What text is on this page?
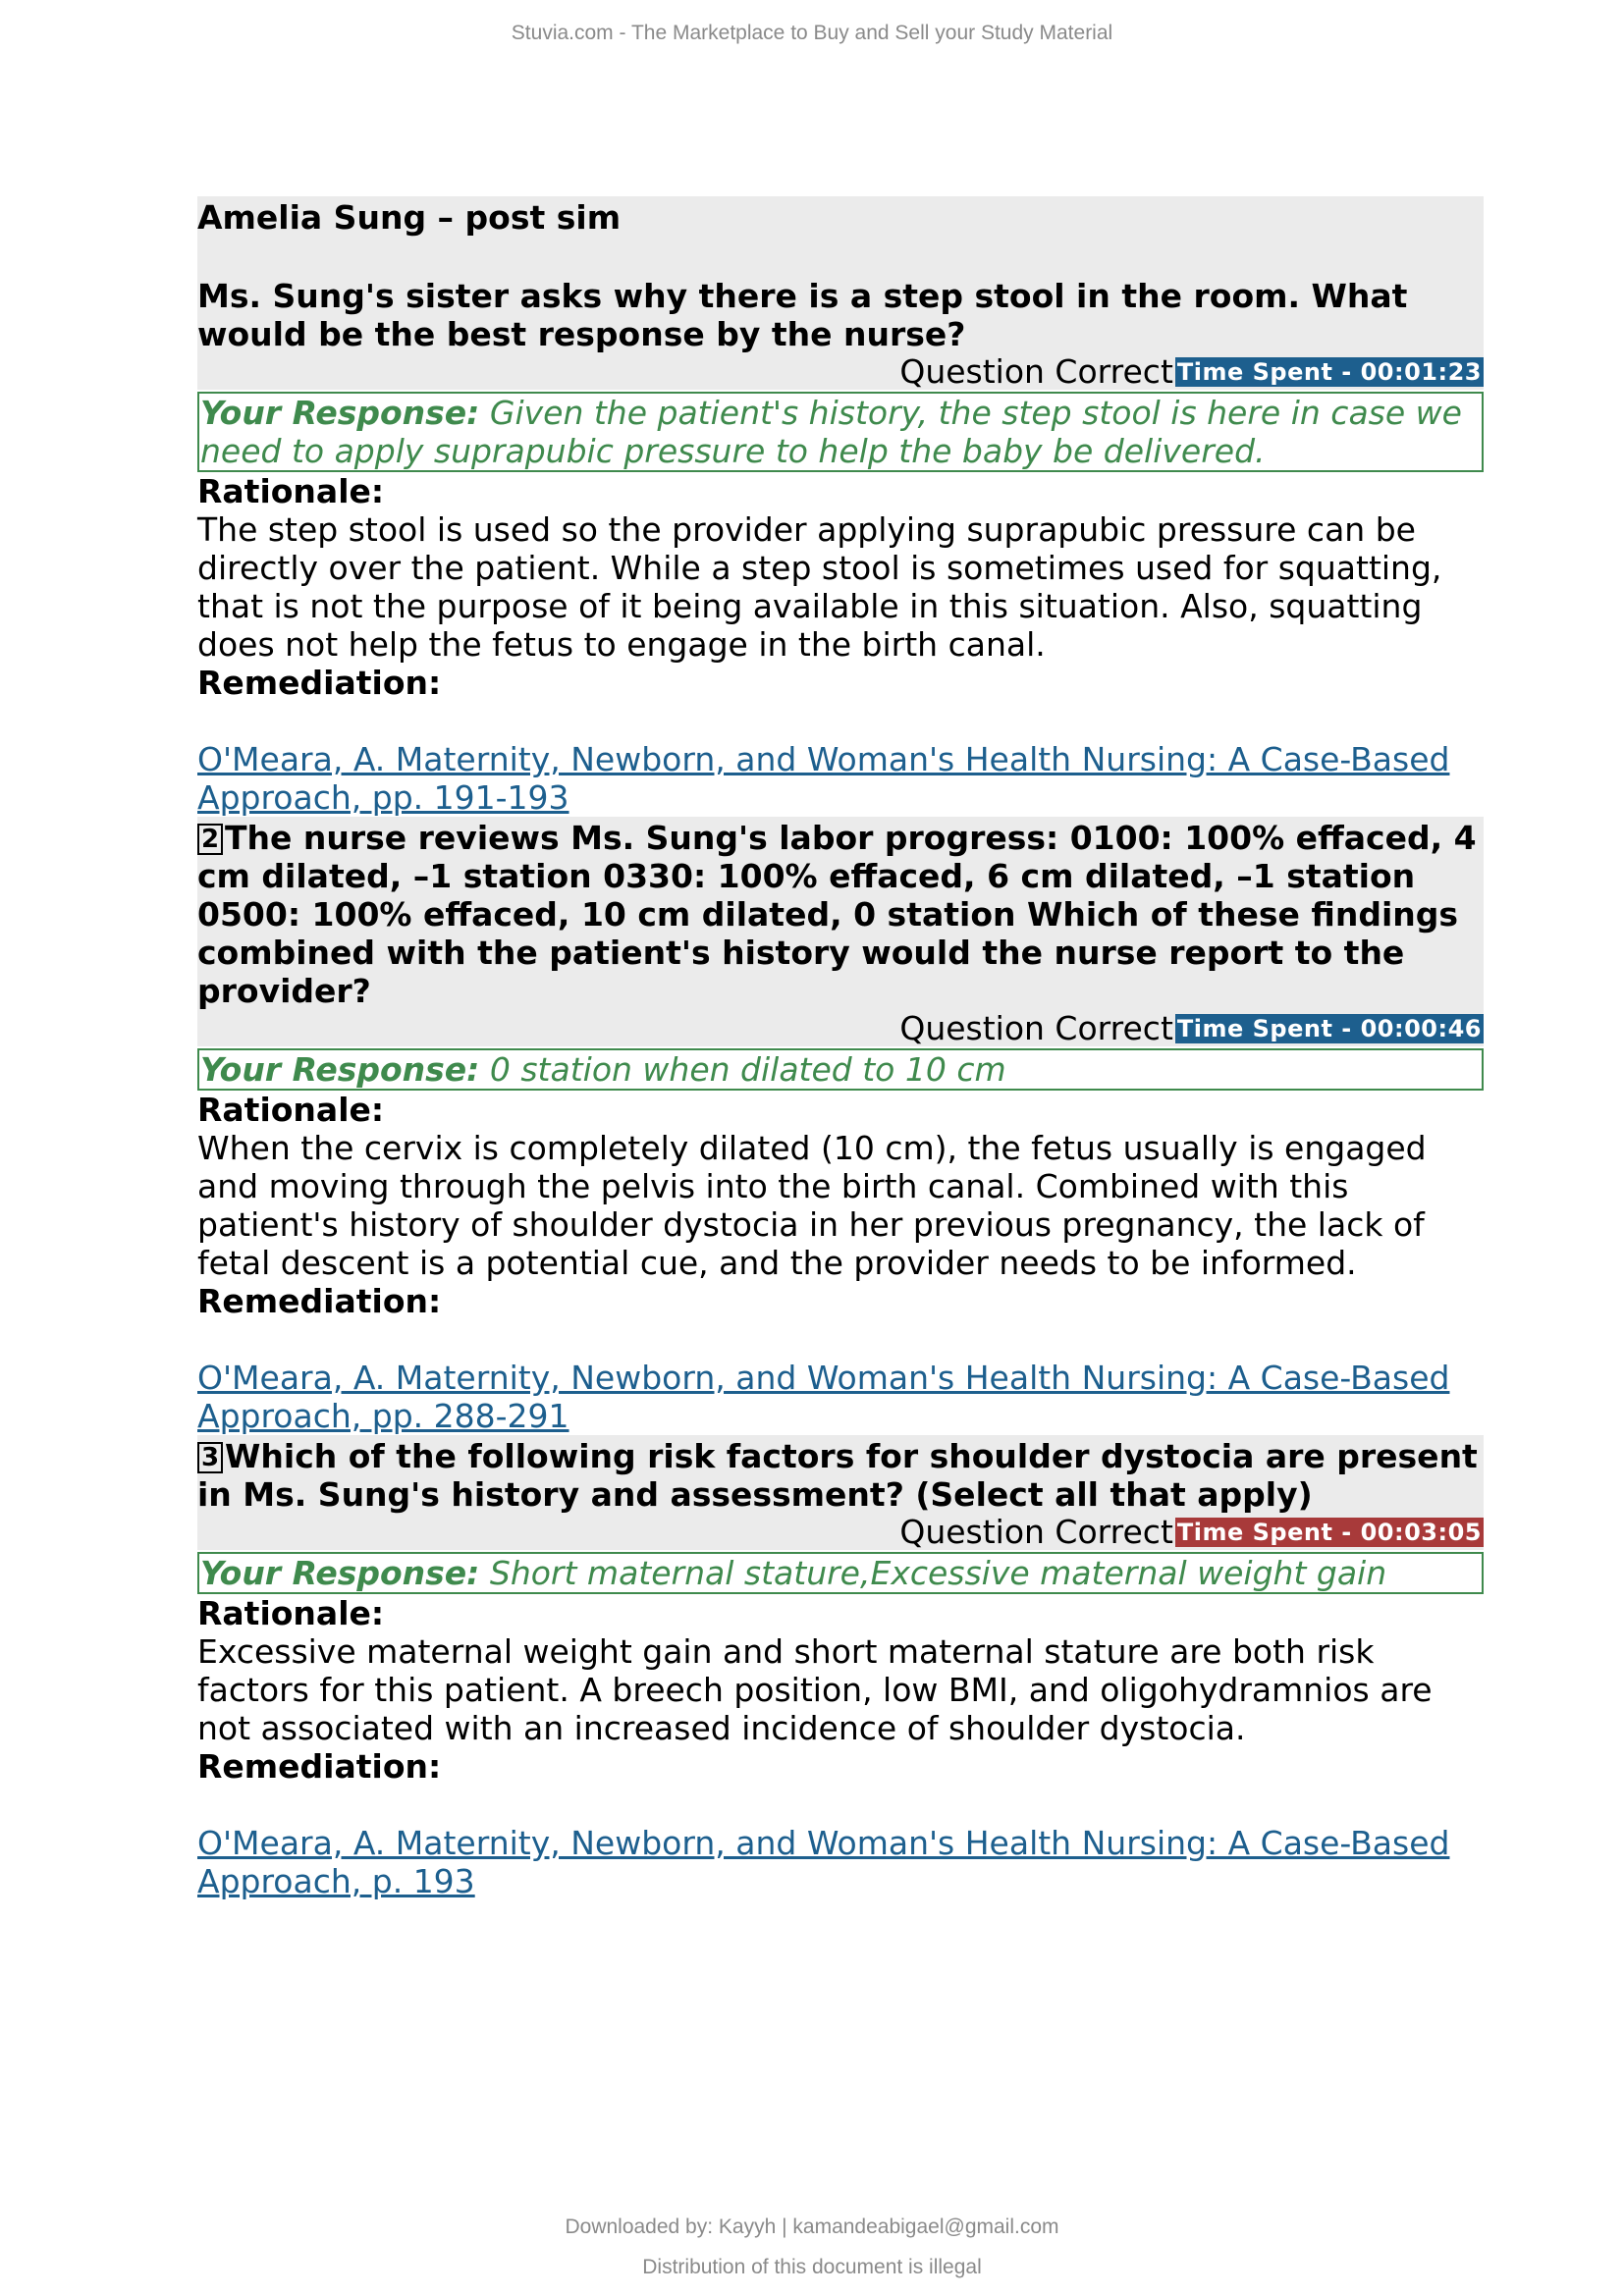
Stuvia.com - The Marketplace to Buy and Sell your Study Material
Amelia Sung – post sim
Ms. Sung's sister asks why there is a step stool in the room. What would be the best response by the nurse?
Question Correct Time Spent - 00:01:23
Your Response: Given the patient's history, the step stool is here in case we need to apply suprapubic pressure to help the baby be delivered.
Rationale:
The step stool is used so the provider applying suprapubic pressure can be directly over the patient. While a step stool is sometimes used for squatting, that is not the purpose of it being available in this situation. Also, squatting does not help the fetus to engage in the birth canal.
Remediation:
O'Meara, A. Maternity, Newborn, and Woman's Health Nursing: A Case-Based Approach, pp. 191-193
2 The nurse reviews Ms. Sung's labor progress: 0100: 100% effaced, 4 cm dilated, –1 station 0330: 100% effaced, 6 cm dilated, –1 station 0500: 100% effaced, 10 cm dilated, 0 station Which of these findings combined with the patient's history would the nurse report to the provider?
Question Correct Time Spent - 00:00:46
Your Response: 0 station when dilated to 10 cm
Rationale:
When the cervix is completely dilated (10 cm), the fetus usually is engaged and moving through the pelvis into the birth canal. Combined with this patient's history of shoulder dystocia in her previous pregnancy, the lack of fetal descent is a potential cue, and the provider needs to be informed.
Remediation:
O'Meara, A. Maternity, Newborn, and Woman's Health Nursing: A Case-Based Approach, pp. 288-291
3 Which of the following risk factors for shoulder dystocia are present in Ms. Sung's history and assessment? (Select all that apply)
Question Correct Time Spent - 00:03:05
Your Response: Short maternal stature,Excessive maternal weight gain
Rationale:
Excessive maternal weight gain and short maternal stature are both risk factors for this patient. A breech position, low BMI, and oligohydramnios are not associated with an increased incidence of shoulder dystocia.
Remediation:
O'Meara, A. Maternity, Newborn, and Woman's Health Nursing: A Case-Based Approach, p. 193
Downloaded by: Kayyh | kamandeabigael@gmail.com
Distribution of this document is illegal
